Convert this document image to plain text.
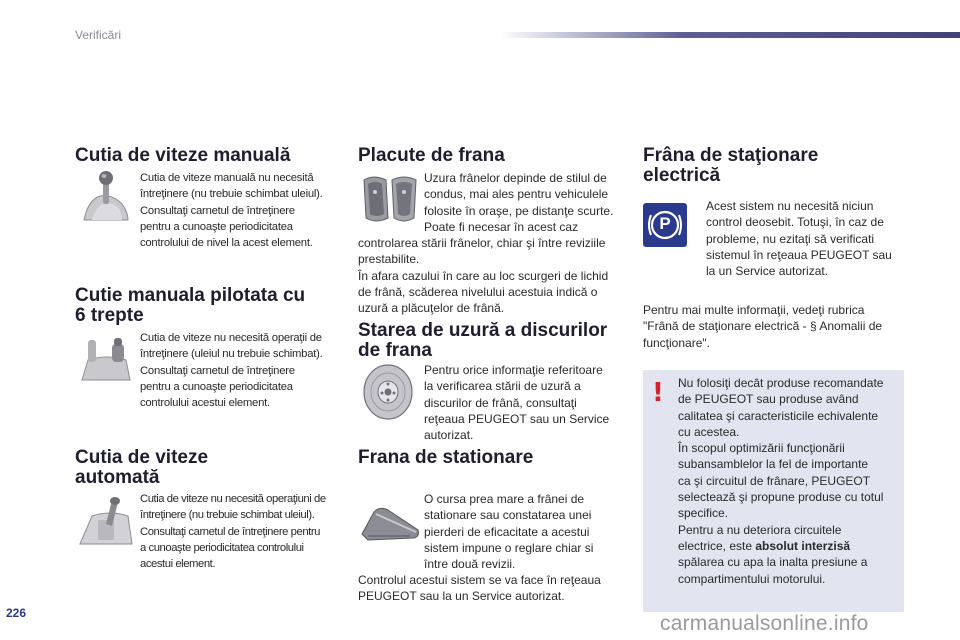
Verificări
226	carmanualsonline.info
Cutia de viteze manuală
Cutia de viteze manuală nu necesită
întreţinere (nu trebuie schimbat uleiul).
Consultaţi carnetul de întreţinere
pentru a cunoaşte periodicitatea
controlului de nivel la acest element.
Cutie manuala pilotata cu
6 trepte
Cutia de viteze nu necesită operaţii de
întreţinere (uleiul nu trebuie schimbat).
Consultaţi carnetul de întreţinere
pentru a cunoaşte periodicitatea
controlului acestui element.
Cutia de viteze
automată
Cutia de viteze nu necesită operaţiuni de
întreţinere (nu trebuie schimbat uleiul).
Consultaţi carnetul de întreţinere pentru
a cunoaşte periodicitatea controlului
acestui element.
Placute de frana
Uzura frânelor depinde de stilul de
condus, mai ales pentru vehiculele
folosite în oraşe, pe distanţe scurte.
Poate fi necesar în acest caz
controlarea stării frânelor, chiar şi între reviziile
prestabilite.
În afara cazului în care au loc scurgeri de lichid
de frână, scăderea nivelului acestuia indică o
uzură a plăcuţelor de frână.
Starea de uzură a discurilor
de frana
Pentru orice informaţie referitoare
la verificarea stării de uzură a
discurilor de frână, consultaţi
reţeaua PEUGEOT sau un Service
autorizat.
Frana de stationare
O cursa prea mare a frânei de
stationare sau constatarea unei
pierderi de eficacitate a acestui
sistem impune o reglare chiar si
între două revizii.
Controlul acestui sistem se va face în reţeaua
PEUGEOT sau la un Service autorizat.
Frâna de staţionare
electrică
P
Acest sistem nu necesită niciun
control deosebit. Totuşi, în caz de
probleme, nu ezitaţi să verificati
sistemul în reţeaua PEUGEOT sau
la un Service autorizat.
Pentru mai multe informaţii, vedeţi rubrica
"Frână de staţionare electrică - § Anomalii de
funcţionare".
! Nu folosiţi decât produse recomandate
de PEUGEOT sau produse având
calitatea şi caracteristicile echivalente
cu acestea.
În scopul optimizării funcţionării
subansamblelor la fel de importante
ca şi circuitul de frânare, PEUGEOT
selectează şi propune produse cu totul
specifice.
Pentru a nu deteriora circuitele
electrice, este absolut interzisă
spălarea cu apa la inalta presiune a
compartimentului motorului.
